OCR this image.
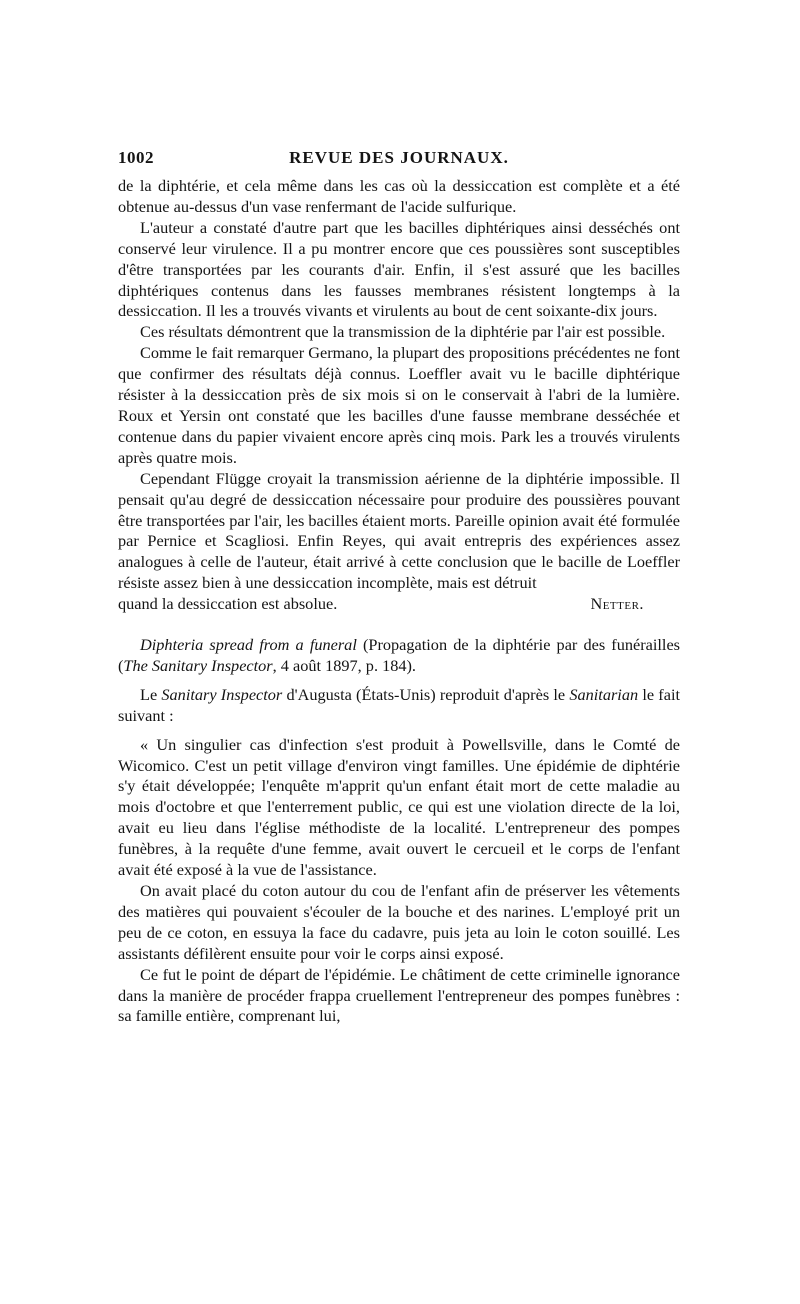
1002	REVUE DES JOURNAUX.

de la diphtérie, et cela même dans les cas où la dessiccation est complète et a été obtenue au-dessus d'un vase renfermant de l'acide sulfurique.

L'auteur a constaté d'autre part que les bacilles diphtériques ainsi desséchés ont conservé leur virulence. Il a pu montrer encore que ces poussières sont susceptibles d'être transportées par les courants d'air. Enfin, il s'est assuré que les bacilles diphtériques contenus dans les fausses membranes résistent longtemps à la dessiccation. Il les a trouvés vivants et virulents au bout de cent soixante-dix jours.

Ces résultats démontrent que la transmission de la diphtérie par l'air est possible.

Comme le fait remarquer Germano, la plupart des propositions précédentes ne font que confirmer des résultats déjà connus. Loeffler avait vu le bacille diphtérique résister à la dessiccation près de six mois si on le conservait à l'abri de la lumière. Roux et Yersin ont constaté que les bacilles d'une fausse membrane desséchée et contenue dans du papier vivaient encore après cinq mois. Park les a trouvés virulents après quatre mois.

Cependant Flügge croyait la transmission aérienne de la diphtérie impossible. Il pensait qu'au degré de dessiccation nécessaire pour produire des poussières pouvant être transportées par l'air, les bacilles étaient morts. Pareille opinion avait été formulée par Pernice et Scagliosi. Enfin Reyes, qui avait entrepris des expériences assez analogues à celle de l'auteur, était arrivé à cette conclusion que le bacille de Loeffler résiste assez bien à une dessiccation incomplète, mais est détruit

quand la dessiccation est absolue.	Netter.

Diphteria spread from a funeral (Propagation de la diphtérie par des funérailles (The Sanitary Inspector, 4 août 1897, p. 184).

Le Sanitary Inspector d'Augusta (États-Unis) reproduit d'après le Sanitarian le fait suivant :

« Un singulier cas d'infection s'est produit à Powellsville, dans le Comté de Wicomico. C'est un petit village d'environ vingt familles. Une épidémie de diphtérie s'y était développée; l'enquête m'apprit qu'un enfant était mort de cette maladie au mois d'octobre et que l'enterrement public, ce qui est une violation directe de la loi, avait eu lieu dans l'église méthodiste de la localité. L'entrepreneur des pompes funèbres, à la requête d'une femme, avait ouvert le cercueil et le corps de l'enfant avait été exposé à la vue de l'assistance.

On avait placé du coton autour du cou de l'enfant afin de préserver les vêtements des matières qui pouvaient s'écouler de la bouche et des narines. L'employé prit un peu de ce coton, en essuya la face du cadavre, puis jeta au loin le coton souillé. Les assistants défilèrent ensuite pour voir le corps ainsi exposé.

Ce fut le point de départ de l'épidémie. Le châtiment de cette criminelle ignorance dans la manière de procéder frappa cruellement l'entrepreneur des pompes funèbres : sa famille entière, comprenant lui,
